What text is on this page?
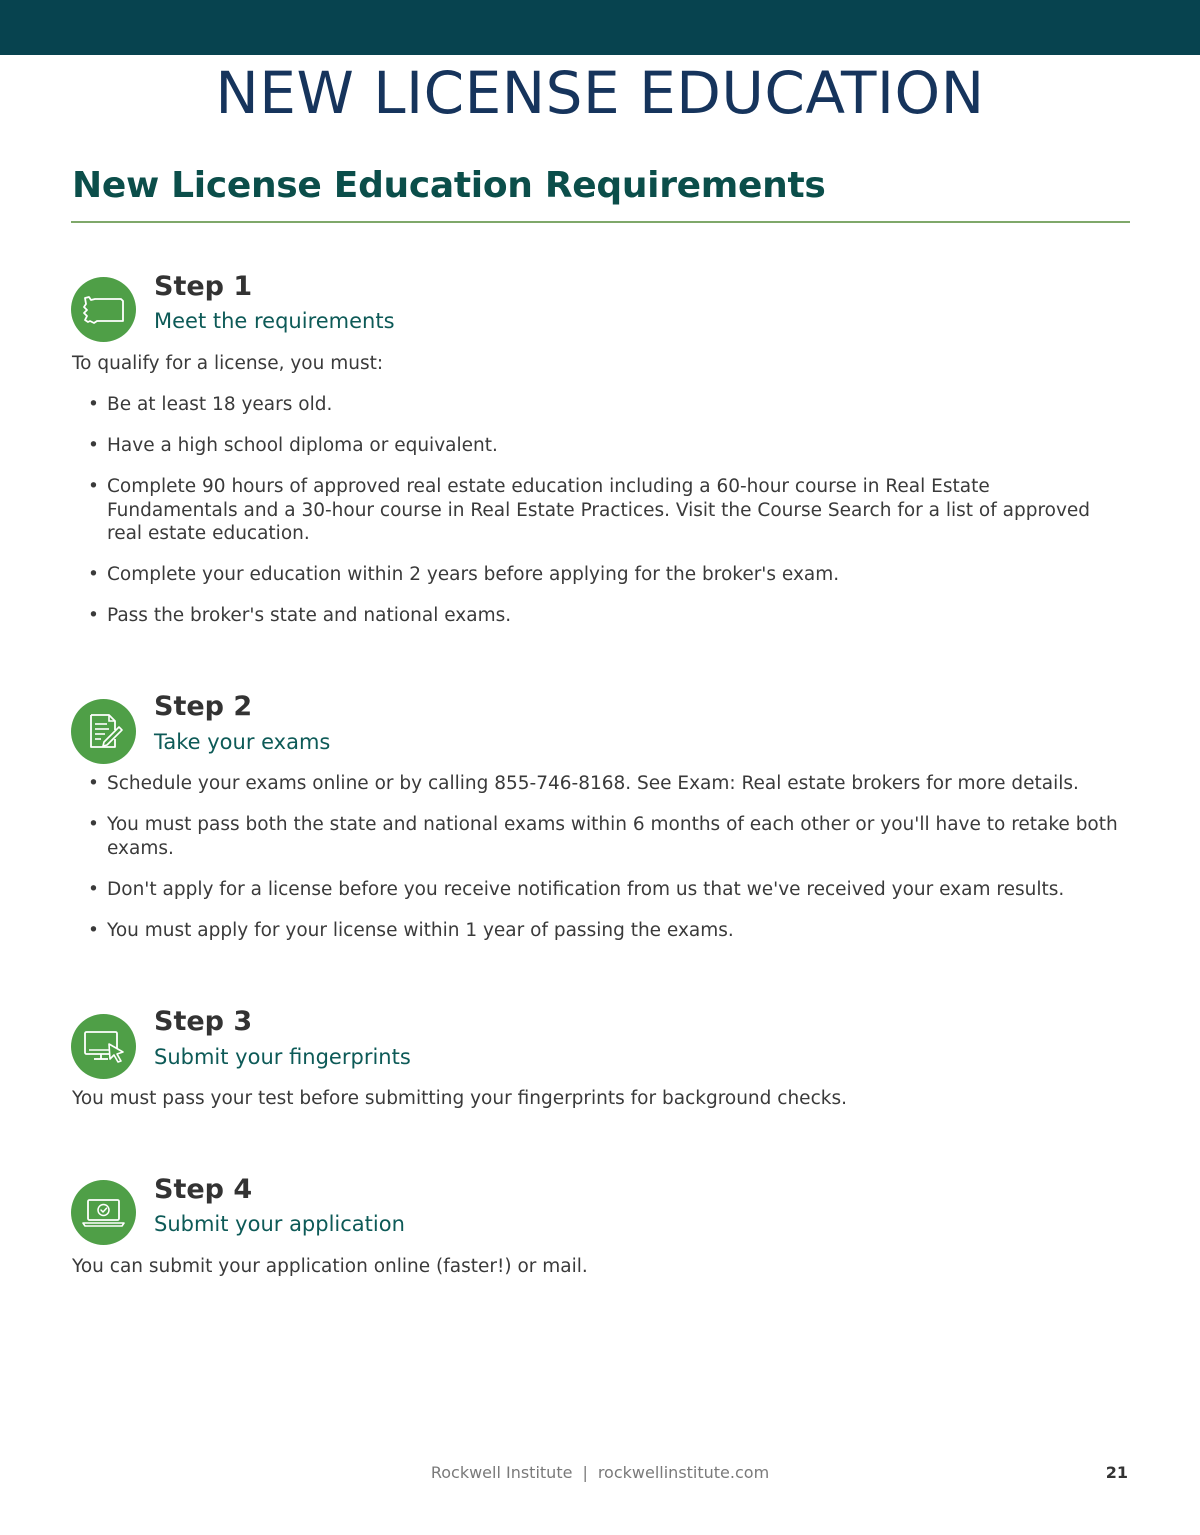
NEW LICENSE EDUCATION
New License Education Requirements
Step 1
Meet the requirements

To qualify for a license, you must:

• Be at least 18 years old.
• Have a high school diploma or equivalent.
• Complete 90 hours of approved real estate education including a 60-hour course in Real Estate Fundamentals and a 30-hour course in Real Estate Practices. Visit the Course Search for a list of approved real estate education.
• Complete your education within 2 years before applying for the broker's exam.
• Pass the broker's state and national exams.
Step 2
Take your exams
• Schedule your exams online or by calling 855-746-8168. See Exam: Real estate brokers for more details.
• You must pass both the state and national exams within 6 months of each other or you'll have to retake both exams.
• Don't apply for a license before you receive notification from us that we've received your exam results.
• You must apply for your license within 1 year of passing the exams.
Step 3
Submit your fingerprints

You must pass your test before submitting your fingerprints for background checks.

Step 4
Submit your application

You can submit your application online (faster!) or mail.

Rockwell Institute | rockwellinstitute.com	21
